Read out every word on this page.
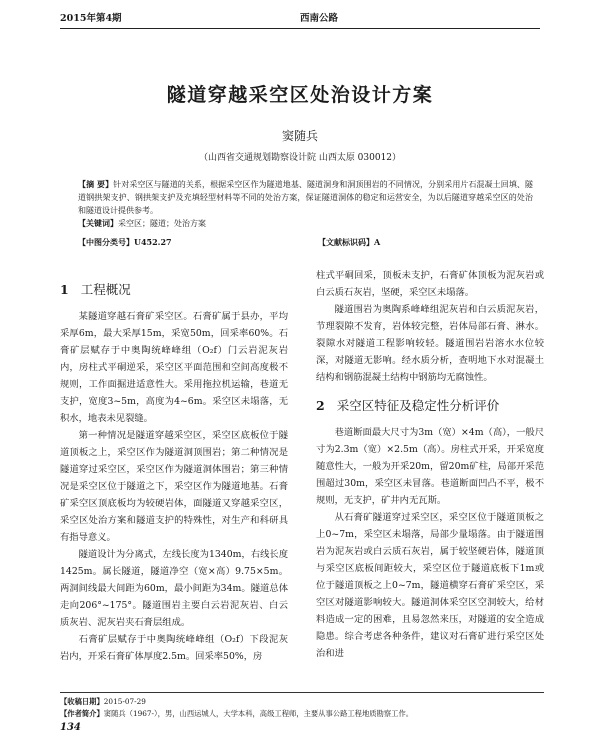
2015年第4期	西南公路
隧道穿越采空区处治设计方案
窦随兵
（山西省交通规划勘察设计院 山西太原 030012）
【摘 要】针对采空区与隧道的关系，根据采空区作为隧道地基、隧道洞身和洞顶围岩的不同情况，分别采用片石混凝土回填、隧道钢拱架支护、钢拱架支护及充填轻型材料等不同的处治方案，保证隧道洞体的稳定和运营安全，为以后隧道穿越采空区的处治和隧道设计提供参考。
【关键词】采空区；隧道；处治方案
【中图分类号】U452.27	【文献标识码】A
1 工程概况

某隧道穿越石膏矿采空区。石膏矿属于县办，平均采厚6m，最大采厚15m，采宽50m，回采率60%。石膏矿层赋存于中奥陶统峰峰组（O₂f）门云岩泥灰岩内，房柱式平硐逆采，采空区平面范围和空间高度极不规则，工作面掘进适意性大。采用拖拉机运输，巷道无支护，宽度3~5m，高度为4~6m。采空区未塌落，无积水，地表未见裂缝。

第一种情况是隧道穿越采空区，采空区底板位于隧道顶板之上，采空区作为隧道洞顶围岩；第二种情况是隧道穿过采空区，采空区作为隧道洞体围岩；第三种情况是采空区位于隧道之下，采空区作为隧道地基。石膏矿采空区顶底板均为较硬岩体，面隧道又穿越采空区，采空区处治方案和隧道支护的特殊性，对生产和科研具有指导意义。

隧道设计为分离式，左线长度为1340m，右线长度1425m。属长隧道，隧道净空（宽×高）9.75×5m。两洞间线最大间距为60m，最小间距为34m。隧道总体走向206°~175°。隧道围岩主要白云岩泥灰岩、白云质灰岩、泥灰岩夹石膏层组成。

石膏矿层赋存于中奥陶统峰峰组（O₂f）下段泥灰岩内，开采石膏矿体厚度2.5m。回采率50%，房

柱式平硐回采，顶板未支护，石膏矿体顶板为泥灰岩或白云质石灰岩，坚硬，采空区未塌落。

隧道围岩为奥陶系峰峰组泥灰岩和白云质泥灰岩，节理裂隙不发育，岩体较完整，岩体局部石膏、淋水。裂隙水对隧道工程影响较轻。隧道围岩岩溶水水位较深，对隧道无影响。经水质分析，查明地下水对混凝土结构和钢筋混凝土结构中钢筋均无腐蚀性。

2 采空区特征及稳定性分析评价

巷道断面最大尺寸为3m（宽）×4m（高），一般尺寸为2.3m（宽）×2.5m（高）。房柱式开采，开采宽度随意性大，一般为开采20m，留20m矿柱，局部开采范围超过30m，采空区未冒落。巷道断面凹凸不平，极不规则，无支护，矿井内无瓦斯。

从石膏矿隧道穿过采空区，采空区位于隧道顶板之上0~7m，采空区未塌落，局部少量塌落。由于隧道围岩为泥灰岩或白云质石灰岩，属于较坚硬岩体，隧道顶与采空区底板间距较大，采空区位于隧道底板下1m或位于隧道顶板之上0~7m，隧道横穿石膏矿采空区，采空区对隧道影响较大。隧道洞体采空区空洞较大，给材料造成一定的困难，且易忽然来压，对隧道的安全造成隐患。综合考虑各种条件，建议对石膏矿进行采空区处治和进

【收稿日期】2015-07-29
【作者简介】窦随兵（1967-），男，山西运城人，大学本科，高级工程师，主要从事公路工程地质勘察工作。
134
